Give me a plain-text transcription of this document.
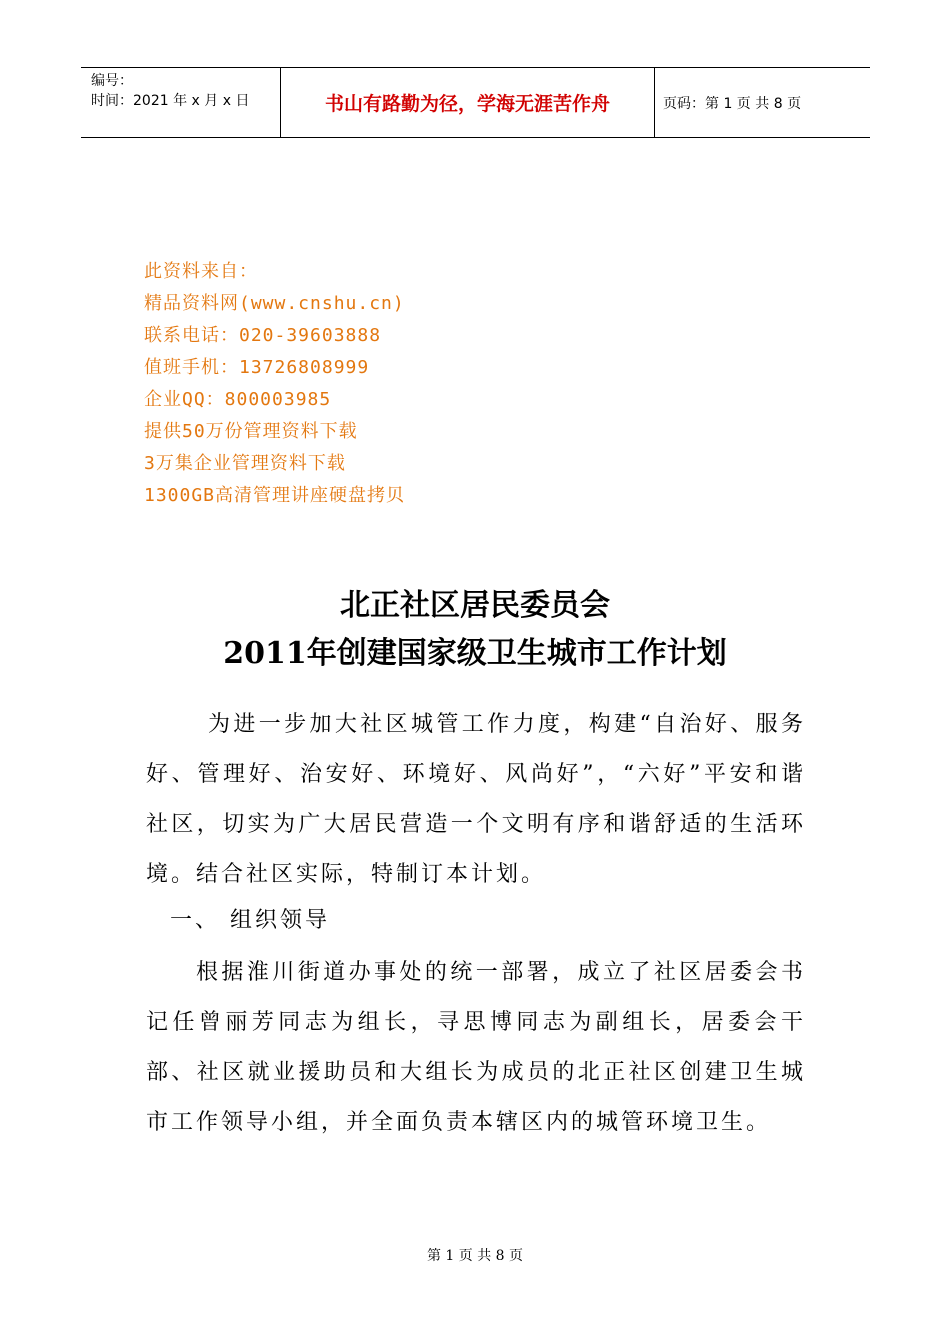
编号：
时间：2021 年 x 月 x 日	书山有路勤为径，学海无涯苦作舟	页码：第 1 页 共 8 页
此资料来自：
精品资料网(www.cnshu.cn)
联系电话：020-39603888
值班手机：13726808999
企业QQ：800003985
提供50万份管理资料下载
3万集企业管理资料下载
1300GB高清管理讲座硬盘拷贝
北正社区居民委员会
2011年创建国家级卫生城市工作计划
为进一步加大社区城管工作力度，构建“自治好、服务好、管理好、治安好、环境好、风尚好”，“六好”平安和谐社区，切实为广大居民营造一个文明有序和谐舒适的生活环境。结合社区实际，特制订本计划。
一、 组织领导
根据淮川街道办事处的统一部署，成立了社区居委会书记任曾丽芳同志为组长，寻思博同志为副组长，居委会干部、社区就业援助员和大组长为成员的北正社区创建卫生城市工作领导小组，并全面负责本辖区内的城管环境卫生。
第 1 页 共 8 页
